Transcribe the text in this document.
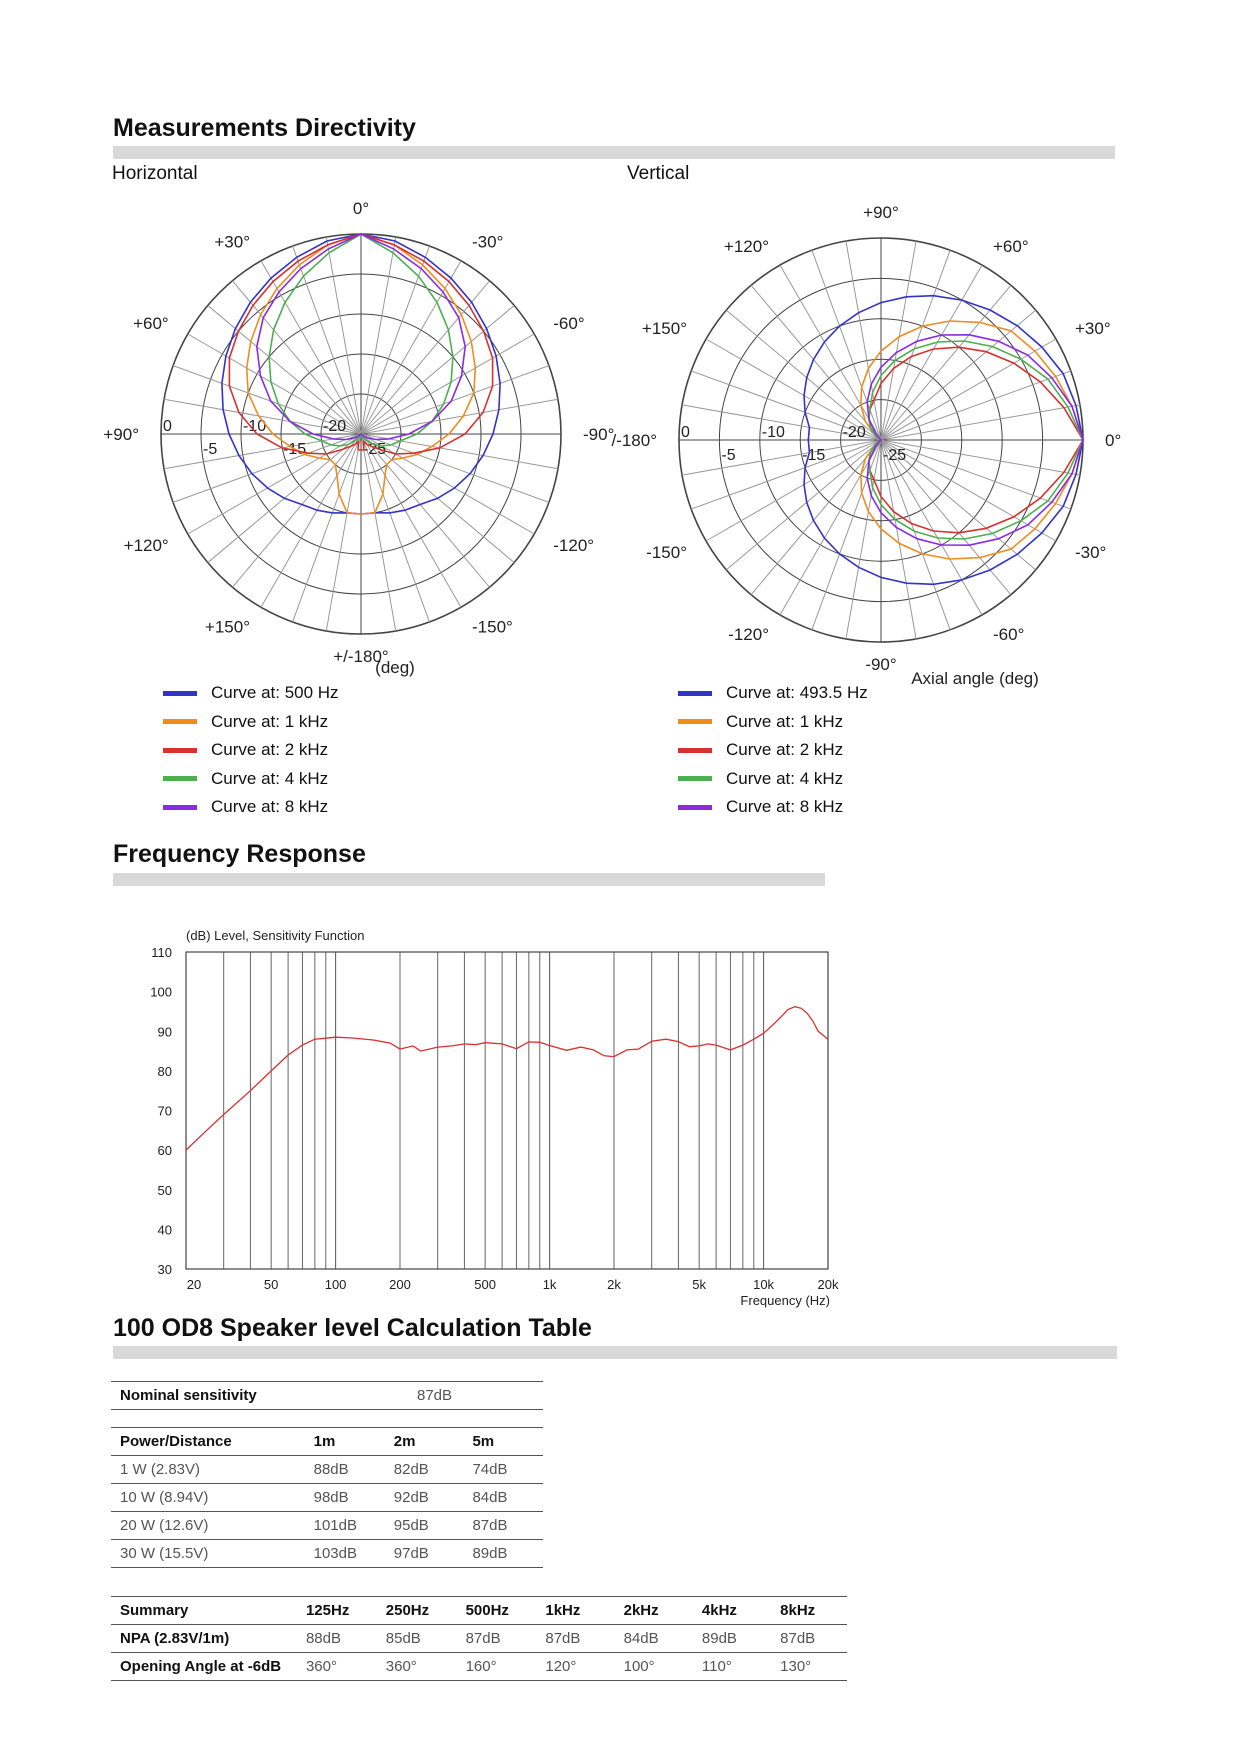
Measurements Directivity
Horizontal	Vertical
0
-5
-10
-15
-20
-25
0°
-30°
-60°
-90°
-120°
-150°
+/-180°
+150°
+120°
+90°
+60°
+30°
(deg)
0
-5
-10
-15
-20
-25
+90°
+60°
+30°
0°
-30°
-60°
-90°
-120°
-150°
/-180°
+150°
+120°
Axial angle (deg)
Curve at: 500 Hz
Curve at: 1 kHz
Curve at: 2 kHz
Curve at: 4 kHz
Curve at: 8 kHz
Curve at: 493.5 Hz
Curve at: 1 kHz
Curve at: 2 kHz
Curve at: 4 kHz
Curve at: 8 kHz
Frequency Response
30
40
50
60
70
80
90
100
110
20	50	100	200	500	1k	2k	5k	10k	20k
(dB) Level, Sensitivity Function
Frequency (Hz)
100 OD8 Speaker level Calculation Table
Nominal sensitivity	87dB
Power/Distance	1m	2m	5m
1 W (2.83V)	88dB	82dB	74dB
10 W (8.94V)	98dB	92dB	84dB
20 W (12.6V)	101dB	95dB	87dB
30 W (15.5V)	103dB	97dB	89dB
Summary	125Hz	250Hz	500Hz	1kHz	2kHz	4kHz	8kHz
NPA (2.83V/1m)	88dB	85dB	87dB	87dB	84dB	89dB	87dB
Opening Angle at -6dB	360°	360°	160°	120°	100°	110°	130°
